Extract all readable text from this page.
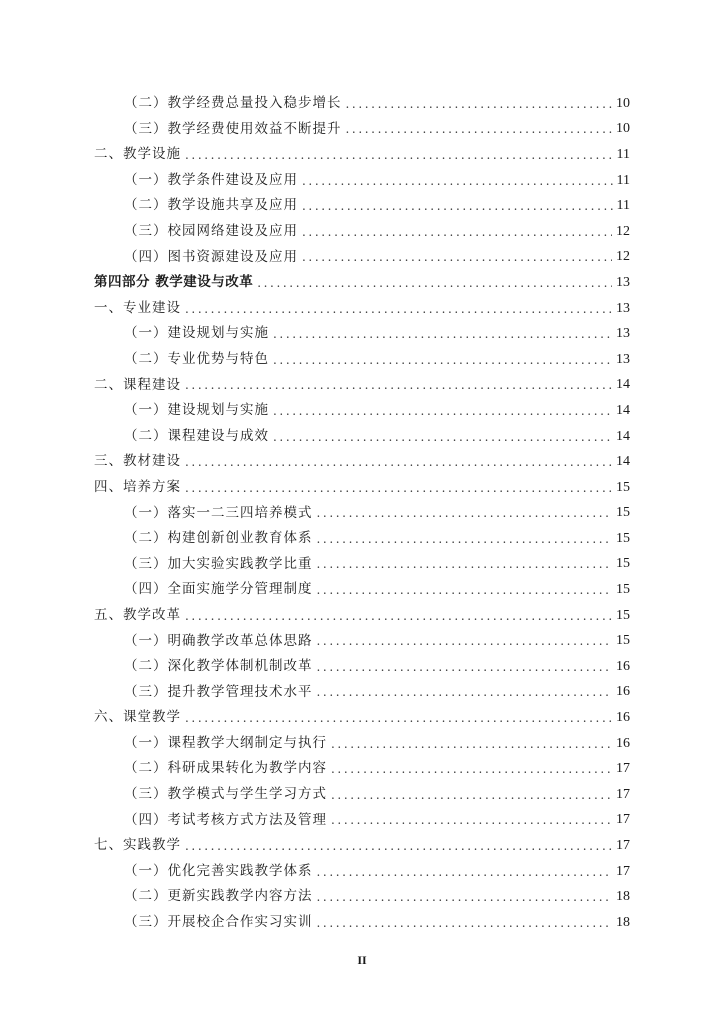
（二）教学经费总量投入稳步增长 .....	10
（三）教学经费使用效益不断提升 .....	10
二、教学设施 .....	11
（一）教学条件建设及应用 .....	11
（二）教学设施共享及应用 .....	11
（三）校园网络建设及应用 .....	12
（四）图书资源建设及应用 .....	12
第四部分 教学建设与改革 .....	13
一、专业建设 .....	13
（一）建设规划与实施 .....	13
（二）专业优势与特色 .....	13
二、课程建设 .....	14
（一）建设规划与实施 .....	14
（二）课程建设与成效 .....	14
三、教材建设 .....	14
四、培养方案 .....	15
（一）落实一二三四培养模式 .....	15
（二）构建创新创业教育体系 .....	15
（三）加大实验实践教学比重 .....	15
（四）全面实施学分管理制度 .....	15
五、教学改革 .....	15
（一）明确教学改革总体思路 .....	15
（二）深化教学体制机制改革 .....	16
（三）提升教学管理技术水平 .....	16
六、课堂教学 .....	16
（一）课程教学大纲制定与执行 .....	16
（二）科研成果转化为教学内容 .....	17
（三）教学模式与学生学习方式 .....	17
（四）考试考核方式方法及管理 .....	17
七、实践教学 .....	17
（一）优化完善实践教学体系 .....	17
（二）更新实践教学内容方法 .....	18
（三）开展校企合作实习实训 .....	18
II
